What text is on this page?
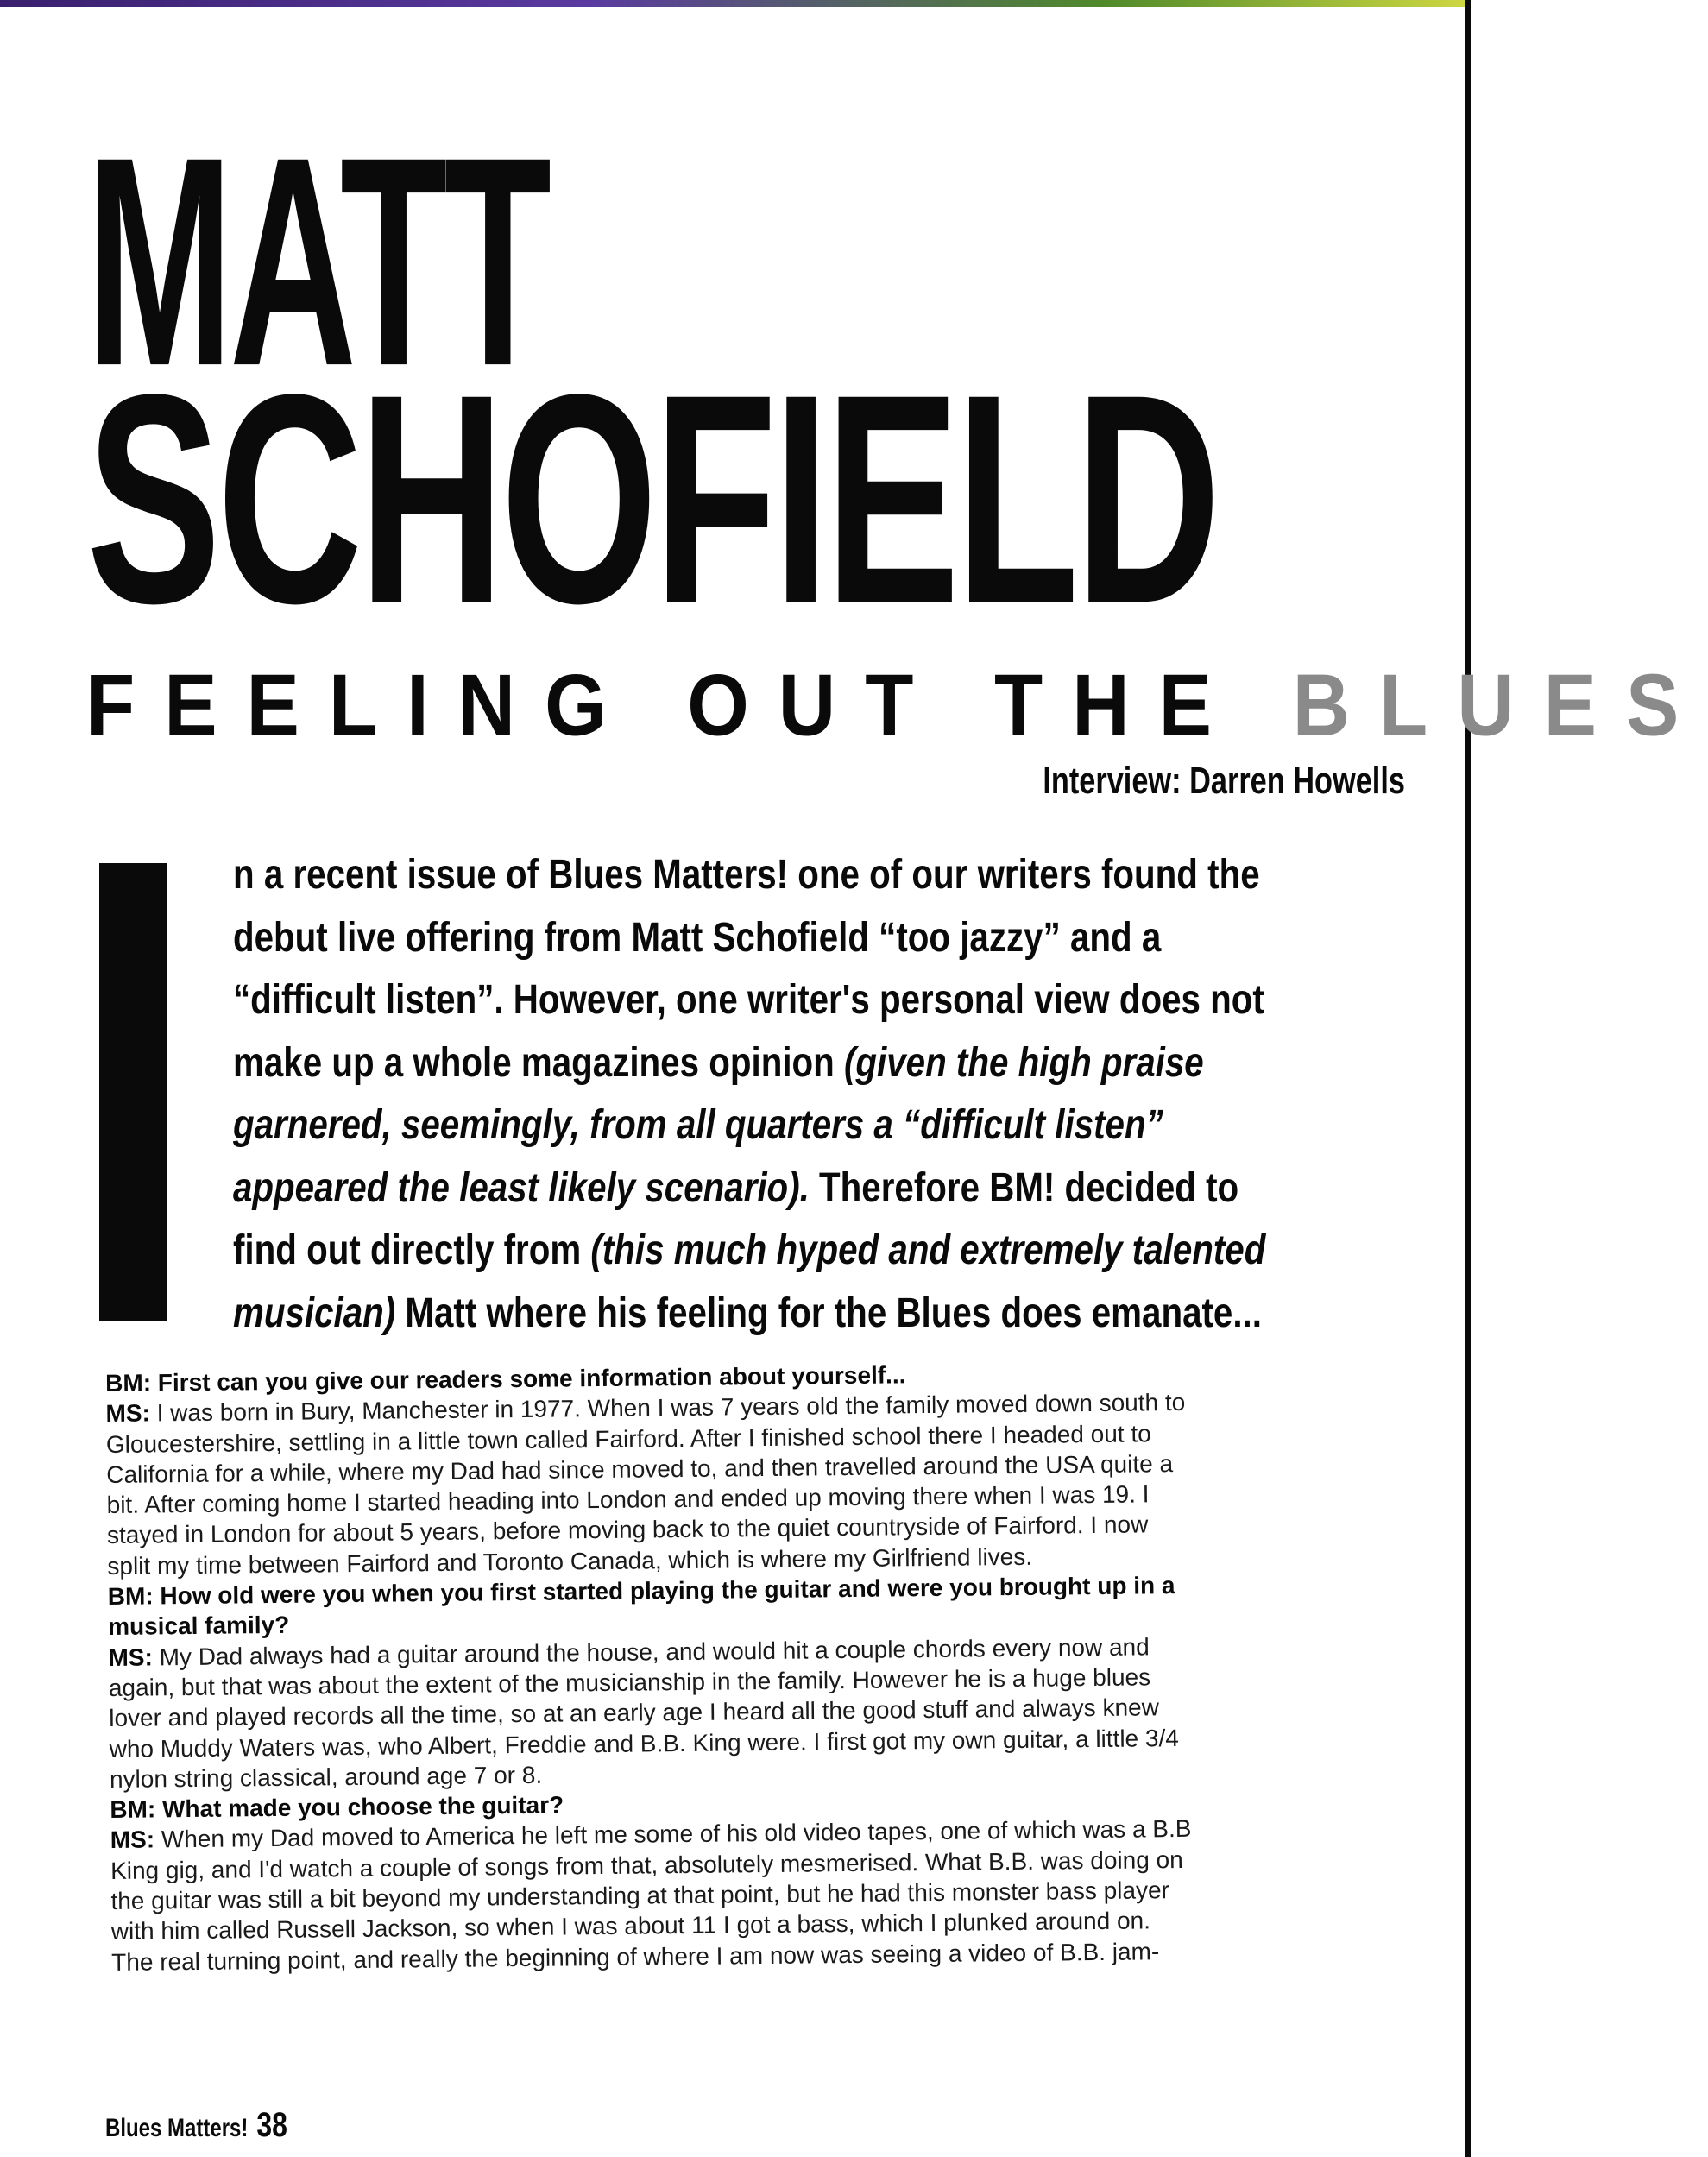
MATT
SCHOFIELD
FEELING OUT THE BLUES
Interview: Darren Howells
n a recent issue of Blues Matters! one of our writers found the
debut live offering from Matt Schofield “too jazzy” and a
“difficult listen”. However, one writer's personal view does not
make up a whole magazines opinion (given the high praise
garnered, seemingly, from all quarters a “difficult listen”
appeared the least likely scenario). Therefore BM! decided to
find out directly from (this much hyped and extremely talented
musician) Matt where his feeling for the Blues does emanate...
BM: First can you give our readers some information about yourself...
MS: I was born in Bury, Manchester in 1977. When I was 7 years old the family moved down south to
Gloucestershire, settling in a little town called Fairford. After I finished school there I headed out to
California for a while, where my Dad had since moved to, and then travelled around the USA quite a
bit. After coming home I started heading into London and ended up moving there when I was 19. I
stayed in London for about 5 years, before moving back to the quiet countryside of Fairford. I now
split my time between Fairford and Toronto Canada, which is where my Girlfriend lives.
BM: How old were you when you first started playing the guitar and were you brought up in a
musical family?
MS: My Dad always had a guitar around the house, and would hit a couple chords every now and
again, but that was about the extent of the musicianship in the family. However he is a huge blues
lover and played records all the time, so at an early age I heard all the good stuff and always knew
who Muddy Waters was, who Albert, Freddie and B.B. King were. I first got my own guitar, a little 3/4
nylon string classical, around age 7 or 8.
BM: What made you choose the guitar?
MS: When my Dad moved to America he left me some of his old video tapes, one of which was a B.B
King gig, and I'd watch a couple of songs from that, absolutely mesmerised. What B.B. was doing on
the guitar was still a bit beyond my understanding at that point, but he had this monster bass player
with him called Russell Jackson, so when I was about 11 I got a bass, which I plunked around on.
The real turning point, and really the beginning of where I am now was seeing a video of B.B. jam-
Blues Matters! 38
